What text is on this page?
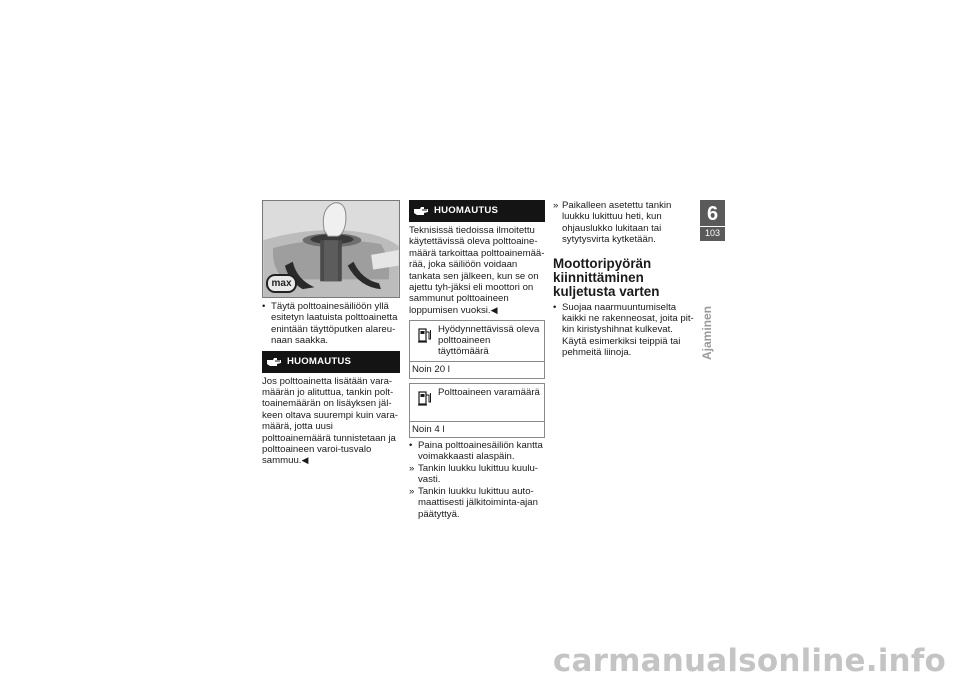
max

• Täytä polttoainesäiliöön yllä esitetyn laatuista polttoainetta enintään täyttöputken alareu-naan saakka.

HUOMAUTUS

Jos polttoainetta lisätään vara-määrän jo alituttua, tankin polt-toainemäärän on lisäyksen jäl-keen oltava suurempi kuin vara-määrä, jotta uusi polttoainemäärä tunnistetaan ja polttoaineen varoi-tusvalo sammuu.◀

HUOMAUTUS

Teknisissä tiedoissa ilmoitettu käytettävissä oleva polttoaine-määrä tarkoittaa polttoainemää-rää, joka säiliöön voidaan tankata sen jälkeen, kun se on ajettu tyh-jäksi eli moottori on sammunut polttoaineen loppumisen vuoksi.◀

Hyödynnettävissä oleva polttoaineen täyttömäärä
Noin 20 l
Polttoaineen varamäärä
Noin 4 l

• Paina polttoainesäiliön kantta voimakkaasti alaspäin.

» Tankin luukku lukittuu kuulu-vasti.

» Tankin luukku lukittuu auto-maattisesti jälkitoiminta-ajan päätyttyä.

» Paikalleen asetettu tankin luukku lukittuu heti, kun ohjauslukko lukitaan tai sytytysvirta kytketään.

Moottoripyörän kiinnittäminen kuljetusta varten

• Suojaa naarmuuntumiselta kaikki ne rakenneosat, joita pit-kin kiristyshihnat kulkevat. Käytä esimerkiksi teippiä tai pehmeitä liinoja.

6
103
Ajaminen
carmanualsonline.info
